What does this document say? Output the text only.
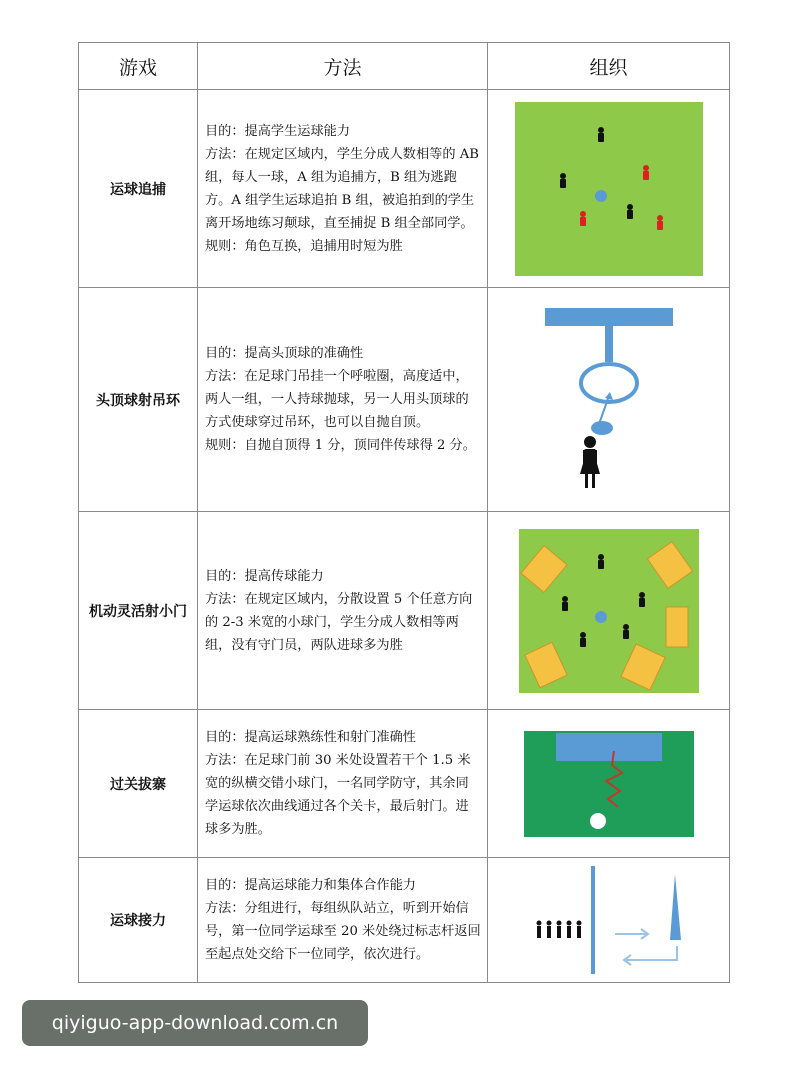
游戏	方法	组织
运球追捕	目的：提高学生运球能力

方法：在规定区域内，学生分成人数相等的 AB 组，每人一球，A 组为追捕方，B 组为逃跑方。A 组学生运球追拍 B 组，被追拍到的学生离开场地练习颠球，直至捕捉 B 组全部同学。

规则：角色互换，追捕用时短为胜

头顶球射吊环	目的：提高头顶球的准确性

方法：在足球门吊挂一个呼啦圈，高度适中，两人一组，一人持球抛球，另一人用头顶球的方式使球穿过吊环，也可以自抛自顶。

规则：自抛自顶得 1 分，顶同伴传球得 2 分。

机动灵活射小门	目的：提高传球能力

方法：在规定区域内，分散设置 5 个任意方向的 2-3 米宽的小球门，学生分成人数相等两组，没有守门员，两队进球多为胜

过关拔寨	目的：提高运球熟练性和射门准确性

方法：在足球门前 30 米处设置若干个 1.5 米宽的纵横交错小球门，一名同学防守，其余同学运球依次曲线通过各个关卡，最后射门。进球多为胜。

运球接力	目的：提高运球能力和集体合作能力

方法：分组进行，每组纵队站立，听到开始信号，第一位同学运球至 20 米处绕过标志杆返回至起点处交给下一位同学，依次进行。

qiyiguo-app-download.com.cn
